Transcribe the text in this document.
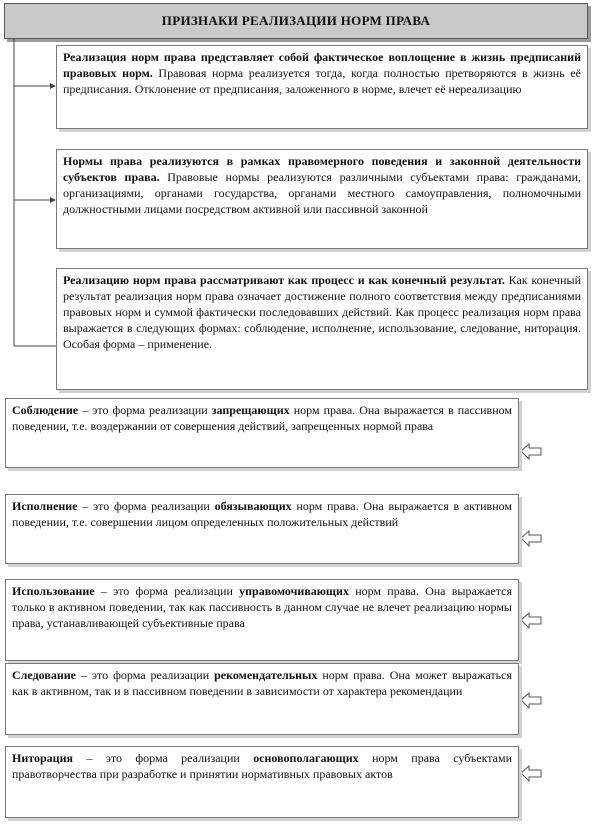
ПРИЗНАКИ РЕАЛИЗАЦИИ НОРМ ПРАВА
Реализация норм права представляет собой фактическое воплощение в жизнь предписаний правовых норм. Правовая норма реализуется тогда, когда полностью претворяются в жизнь её предписания. Отклонение от предписания, заложенного в норме, влечет её нереализацию
Нормы права реализуются в рамках правомерного поведения и законной деятельности субъектов права. Правовые нормы реализуются различными субъектами права: гражданами, организациями, органами государства, органами местного самоуправления, полномочными должностными лицами посредством активной или пассивной законной
Реализацию норм права рассматривают как процесс и как конечный результат. Как конечный результат реализация норм права означает достижение полного соответствия между предписаниями правовых норм и суммой фактически последовавших действий. Как процесс реализация норм права выражается в следующих формах: соблюдение, исполнение, использование, следование, ниторация. Особая форма – применение.
Соблюдение – это форма реализации запрещающих норм права. Она выражается в пассивном поведении, т.е. воздержании от совершения действий, запрещенных нормой права
Исполнение – это форма реализации обязывающих норм права. Она выражается в активном поведении, т.е. совершении лицом определенных положительных действий
Использование – это форма реализации управомочивающих норм права. Она выражается только в активном поведении, так как пассивность в данном случае не влечет реализацию нормы права, устанавливающей субъективные права
Следование – это форма реализации рекомендательных норм права. Она может выражаться как в активном, так и в пассивном поведении в зависимости от характера рекомендации
Ниторация – это форма реализации основополагающих норм права субъектами правотворчества при разработке и принятии нормативных правовых актов
